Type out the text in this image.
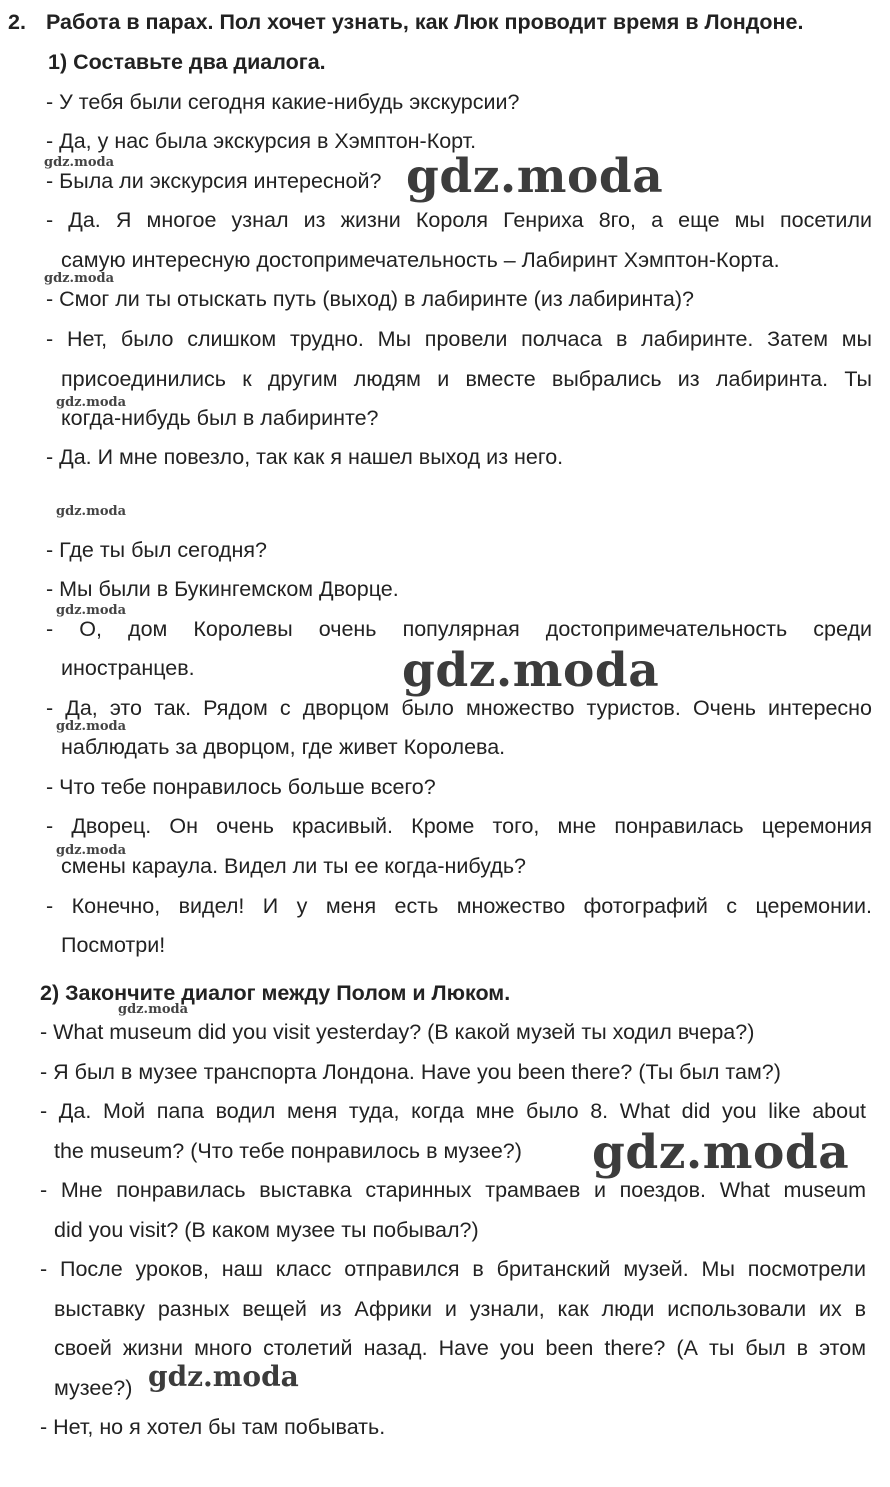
2. Работа в парах. Пол хочет узнать, как Люк проводит время в Лондоне.
1) Составьте два диалога.
- У тебя были сегодня какие-нибудь экскурсии?
- Да, у нас была экскурсия в Хэмптон-Корт.
- Была ли экскурсия интересной?
- Да. Я многое узнал из жизни Короля Генриха 8го, а еще мы посетили
самую интересную достопримечательность – Лабиринт Хэмптон-Корта.
- Смог ли ты отыскать путь (выход) в лабиринте (из лабиринта)?
- Нет, было слишком трудно. Мы провели полчаса в лабиринте. Затем мы
присоединились к другим людям и вместе выбрались из лабиринта. Ты
когда-нибудь был в лабиринте?
- Да. И мне повезло, так как я нашел выход из него.
- Где ты был сегодня?
- Мы были в Букингемском Дворце.
- О, дом Королевы очень популярная достопримечательность среди
иностранцев.
- Да, это так. Рядом с дворцом было множество туристов. Очень интересно
наблюдать за дворцом, где живет Королева.
- Что тебе понравилось больше всего?
- Дворец. Он очень красивый. Кроме того, мне понравилась церемония
смены караула. Видел ли ты ее когда-нибудь?
- Конечно, видел! И у меня есть множество фотографий с церемонии.
Посмотри!
2) Закончите диалог между Полом и Люком.
- What museum did you visit yesterday? (В какой музей ты ходил вчера?)
- Я был в музее транспорта Лондона. Have you been there? (Ты был там?)
- Да. Мой папа водил меня туда, когда мне было 8. What did you like about
the museum? (Что тебе понравилось в музее?)
- Мне понравилась выставка старинных трамваев и поездов. What museum
did you visit? (В каком музее ты побывал?)
- После уроков, наш класс отправился в британский музей. Мы посмотрели
выставку разных вещей из Африки и узнали, как люди использовали их в
своей жизни много столетий назад. Have you been there? (А ты был в этом
музее?)
- Нет, но я хотел бы там побывать.
gdz.moda
gdz.moda
gdz.moda
gdz.moda
gdz.moda
gdz.moda
gdz.moda
gdz.moda
gdz.moda
gdz.moda
gdz.moda
gdz.moda
